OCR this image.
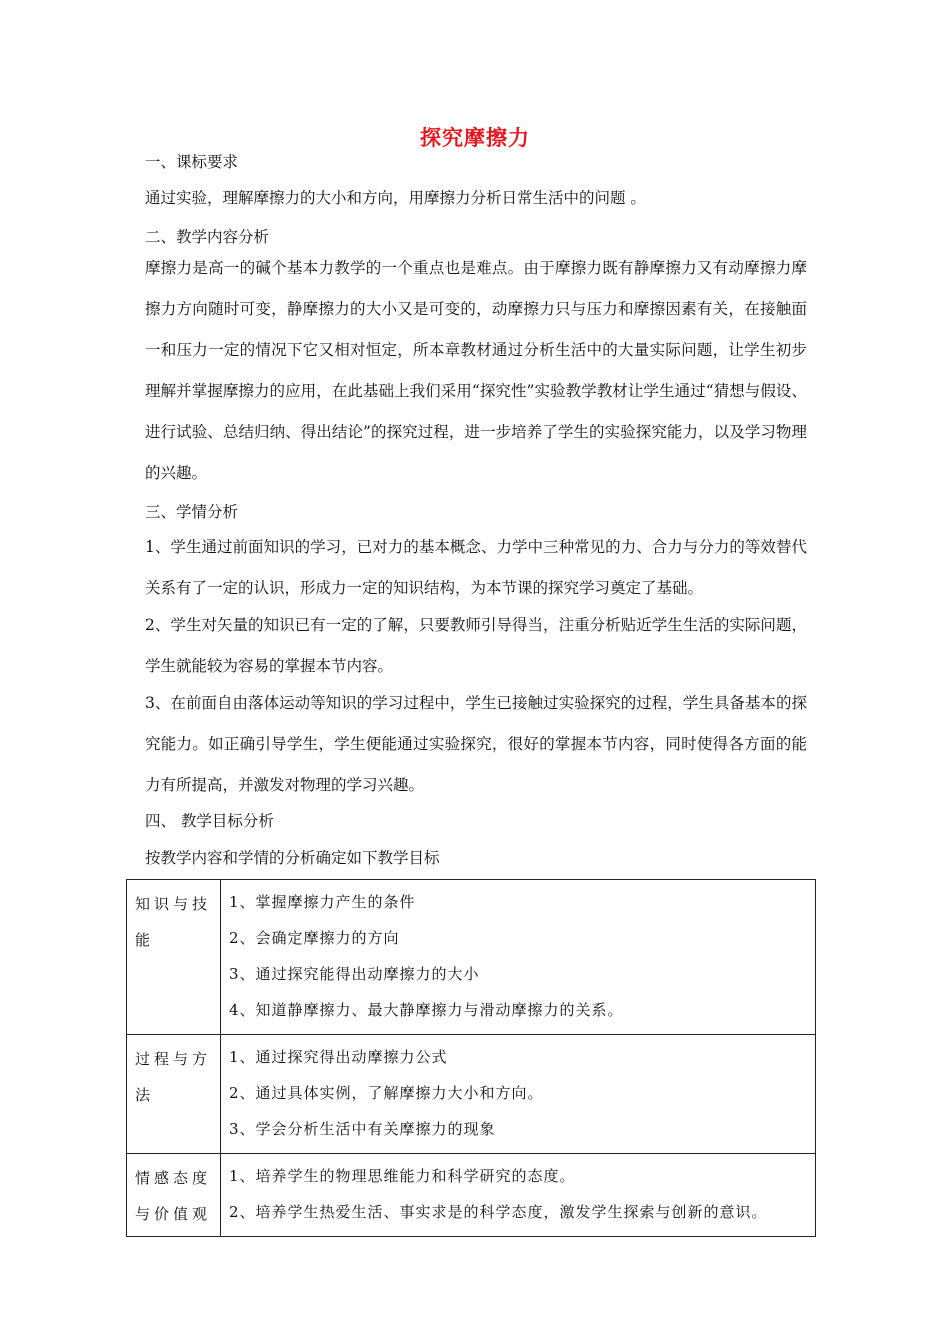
探究摩擦力
一、课标要求
通过实验，理解摩擦力的大小和方向，用摩擦力分析日常生活中的问题 。
二、教学内容分析
摩擦力是高一的碱个基本力教学的一个重点也是难点。由于摩擦力既有静摩擦力又有动摩擦力摩擦力方向随时可变，静摩擦力的大小又是可变的，动摩擦力只与压力和摩擦因素有关，在接触面一和压力一定的情况下它又相对恒定，所本章教材通过分析生活中的大量实际问题，让学生初步理解并掌握摩擦力的应用，在此基础上我们采用“探究性”实验教学教材让学生通过“猜想与假设、进行试验、总结归纳、得出结论”的探究过程，进一步培养了学生的实验探究能力，以及学习物理的兴趣。
三、学情分析
1、学生通过前面知识的学习，已对力的基本概念、力学中三种常见的力、合力与分力的等效替代关系有了一定的认识，形成力一定的知识结构，为本节课的探究学习奠定了基础。
2、学生对矢量的知识已有一定的了解，只要教师引导得当，注重分析贴近学生生活的实际问题，学生就能较为容易的掌握本节内容。
3、在前面自由落体运动等知识的学习过程中，学生已接触过实验探究的过程，学生具备基本的探究能力。如正确引导学生，学生便能通过实验探究，很好的掌握本节内容，同时使得各方面的能力有所提高，并激发对物理的学习兴趣。
四、 教学目标分析
按教学内容和学情的分析确定如下教学目标
知识与技能	1、掌握摩擦力产生的条件
2、会确定摩擦力的方向
3、通过探究能得出动摩擦力的大小
4、知道静摩擦力、最大静摩擦力与滑动摩擦力的关系。

过程与方法	1、通过探究得出动摩擦力公式
2、通过具体实例，了解摩擦力大小和方向。
3、学会分析生活中有关摩擦力的现象

情感态度与价值观	1、培养学生的物理思维能力和科学研究的态度。
2、培养学生热爱生活、事实求是的科学态度，激发学生探索与创新的意识。
